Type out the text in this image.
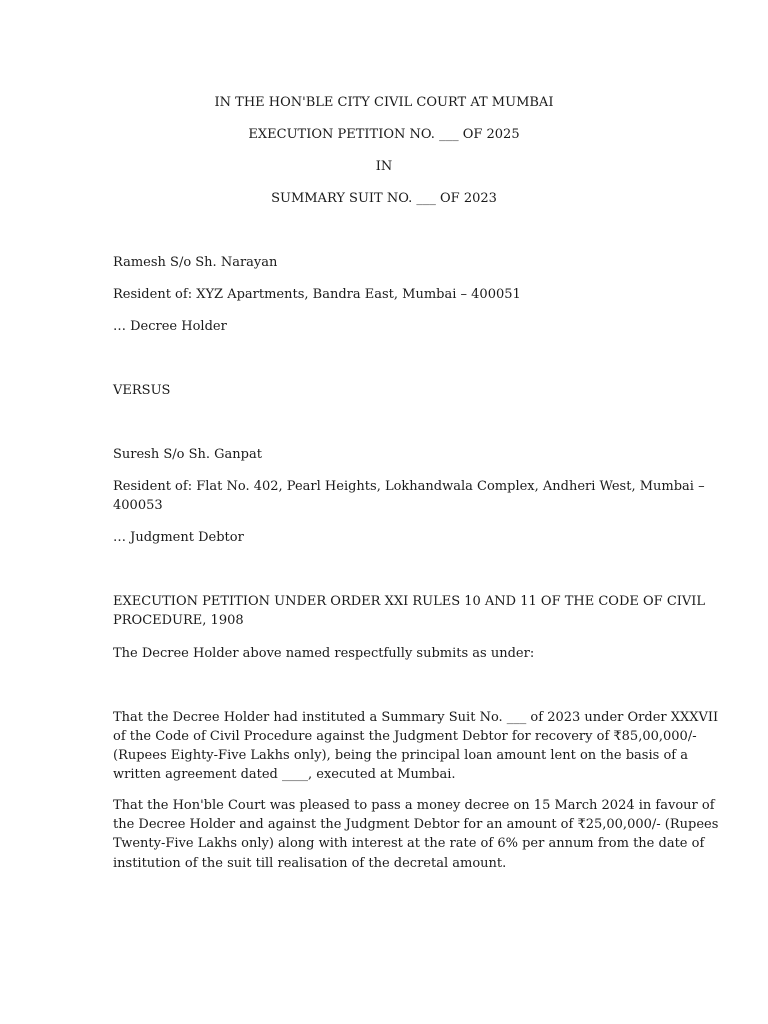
IN THE HON'BLE CITY CIVIL COURT AT MUMBAI

EXECUTION PETITION NO. ___ OF 2025

IN

SUMMARY SUIT NO. ___ OF 2023

Ramesh S/o Sh. Narayan

Resident of: XYZ Apartments, Bandra East, Mumbai – 400051

… Decree Holder

VERSUS

Suresh S/o Sh. Ganpat

Resident of: Flat No. 402, Pearl Heights, Lokhandwala Complex, Andheri West, Mumbai –

400053

… Judgment Debtor

EXECUTION PETITION UNDER ORDER XXI RULES 10 AND 11 OF THE CODE OF CIVIL

PROCEDURE, 1908

The Decree Holder above named respectfully submits as under:

That the Decree Holder had instituted a Summary Suit No. ___ of 2023 under Order XXXVII

of the Code of Civil Procedure against the Judgment Debtor for recovery of ₹85,00,000/-

(Rupees Eighty-Five Lakhs only), being the principal loan amount lent on the basis of a

written agreement dated ____, executed at Mumbai.

That the Hon'ble Court was pleased to pass a money decree on 15 March 2024 in favour of

the Decree Holder and against the Judgment Debtor for an amount of ₹25,00,000/- (Rupees

Twenty-Five Lakhs only) along with interest at the rate of 6% per annum from the date of

institution of the suit till realisation of the decretal amount.
